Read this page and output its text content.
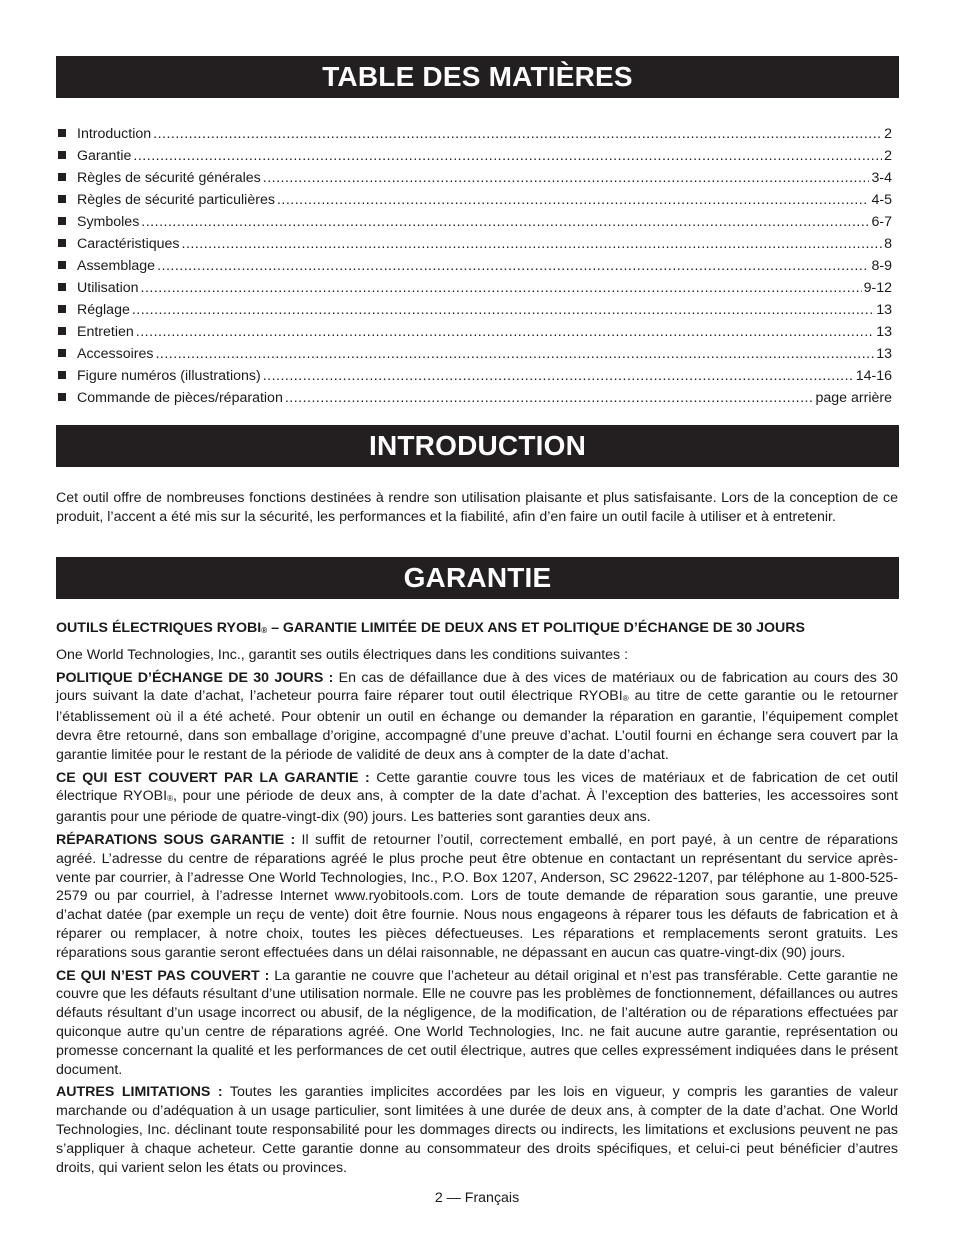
TABLE DES MATIÈRES
Introduction .....	2
Garantie .....	2
Règles de sécurité générales .....	3-4
Règles de sécurité particulières .....	4-5
Symboles .....	6-7
Caractéristiques .....	8
Assemblage .....	8-9
Utilisation .....	9-12
Réglage .....	13
Entretien .....	13
Accessoires .....	13
Figure numéros (illustrations) .....	14-16
Commande de pièces/réparation .....	page arrière
INTRODUCTION

Cet outil offre de nombreuses fonctions destinées à rendre son utilisation plaisante et plus satisfaisante. Lors de la conception de ce produit, l’accent a été mis sur la sécurité, les performances et la fiabilité, afin d’en faire un outil facile à utiliser et à entretenir.

GARANTIE

OUTILS ÉLECTRIQUES RYOBI® – GARANTIE LIMITÉE DE DEUX ANS ET POLITIQUE D’ÉCHANGE DE 30 JOURS

One World Technologies, Inc., garantit ses outils électriques dans les conditions suivantes :

POLITIQUE D’ÉCHANGE DE 30 JOURS : En cas de défaillance due à des vices de matériaux ou de fabrication au cours des 30 jours suivant la date d’achat, l’acheteur pourra faire réparer tout outil électrique RYOBI® au titre de cette garantie ou le retourner l’établissement où il a été acheté. Pour obtenir un outil en échange ou demander la réparation en garantie, l’équipement complet devra être retourné, dans son emballage d’origine, accompagné d’une preuve d’achat. L’outil fourni en échange sera couvert par la garantie limitée pour le restant de la période de validité de deux ans à compter de la date d’achat.

CE QUI EST COUVERT PAR LA GARANTIE : Cette garantie couvre tous les vices de matériaux et de fabrication de cet outil électrique RYOBI®, pour une période de deux ans, à compter de la date d’achat. À l’exception des batteries, les accessoires sont garantis pour une période de quatre-vingt-dix (90) jours. Les batteries sont garanties deux ans.

RÉPARATIONS SOUS GARANTIE : Il suffit de retourner l’outil, correctement emballé, en port payé, à un centre de réparations agréé. L’adresse du centre de réparations agréé le plus proche peut être obtenue en contactant un représentant du service après-vente par courrier, à l’adresse One World Technologies, Inc., P.O. Box 1207, Anderson, SC 29622-1207, par téléphone au 1-800-525-2579 ou par courriel, à l’adresse Internet www.ryobitools.com. Lors de toute demande de réparation sous garantie, une preuve d’achat datée (par exemple un reçu de vente) doit être fournie. Nous nous engageons à réparer tous les défauts de fabrication et à réparer ou remplacer, à notre choix, toutes les pièces défectueuses. Les réparations et remplacements seront gratuits. Les réparations sous garantie seront effectuées dans un délai raisonnable, ne dépassant en aucun cas quatre-vingt-dix (90) jours.

CE QUI N’EST PAS COUVERT : La garantie ne couvre que l’acheteur au détail original et n’est pas transférable. Cette garantie ne couvre que les défauts résultant d’une utilisation normale. Elle ne couvre pas les problèmes de fonctionnement, défaillances ou autres défauts résultant d’un usage incorrect ou abusif, de la négligence, de la modification, de l’altération ou de réparations effectuées par quiconque autre qu’un centre de réparations agréé. One World Technologies, Inc. ne fait aucune autre garantie, représentation ou promesse concernant la qualité et les performances de cet outil électrique, autres que celles expressément indiquées dans le présent document.

AUTRES LIMITATIONS : Toutes les garanties implicites accordées par les lois en vigueur, y compris les garanties de valeur marchande ou d’adéquation à un usage particulier, sont limitées à une durée de deux ans, à compter de la date d’achat. One World Technologies, Inc. déclinant toute responsabilité pour les dommages directs ou indirects, les limitations et exclusions peuvent ne pas s’appliquer à chaque acheteur. Cette garantie donne au consommateur des droits spécifiques, et celui-ci peut bénéficier d’autres droits, qui varient selon les états ou provinces.

2 — Français
